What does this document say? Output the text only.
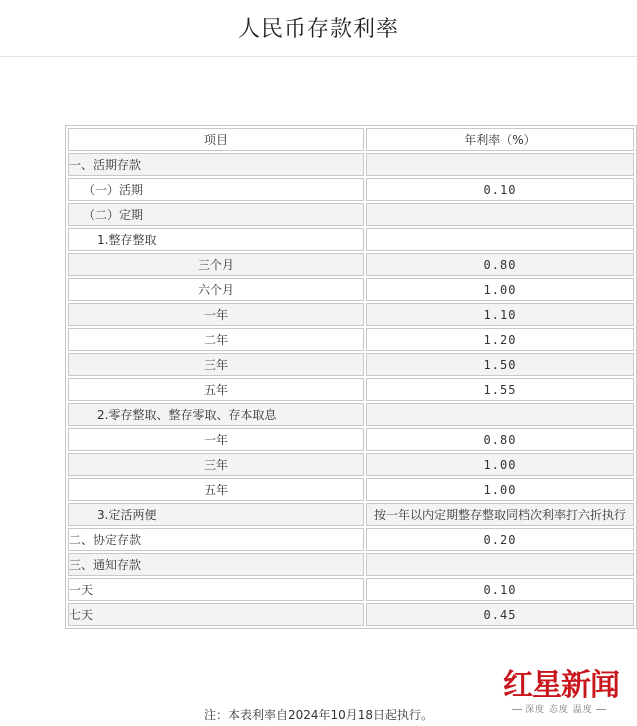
人民币存款利率
项目	年利率（%）
一、活期存款	
（一）活期	0.10
（二）定期	
1.整存整取	
三个月	0.80
六个月	1.00
一年	1.10
二年	1.20
三年	1.50
五年	1.55
2.零存整取、整存零取、存本取息	
一年	0.80
三年	1.00
五年	1.00
3.定活两便	按一年以内定期整存整取同档次利率打六折执行
二、协定存款	0.20
三、通知存款	
一天	0.10
七天	0.45
红星新闻
深度 态度 温度
注：本表利率自2024年10月18日起执行。
